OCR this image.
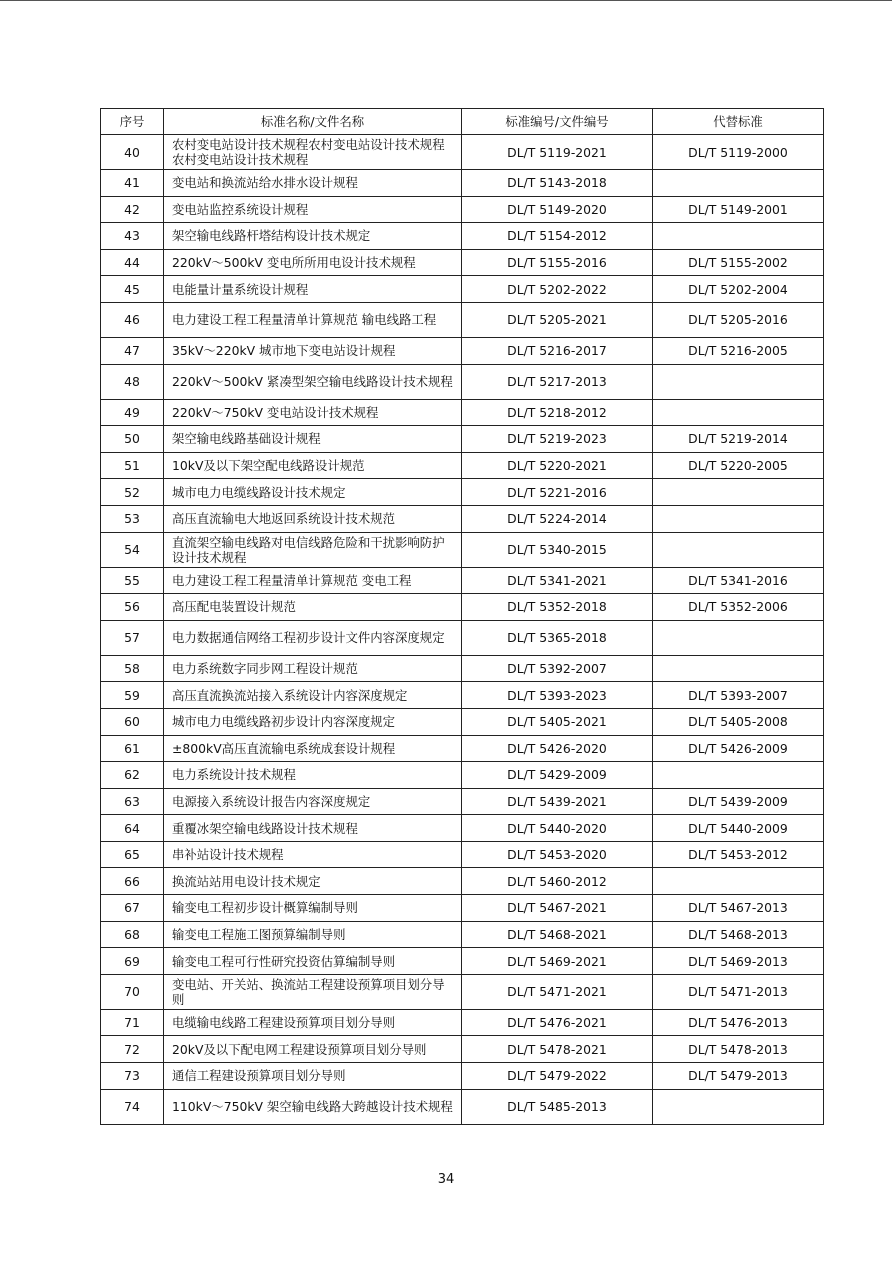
序号	标准名称/文件名称	标准编号/文件编号	代替标准
40	农村变电站设计技术规程农村变电站设计技术规程农村变电站设计技术规程	DL/T 5119-2021	DL/T 5119-2000
41	变电站和换流站给水排水设计规程	DL/T 5143-2018	
42	变电站监控系统设计规程	DL/T 5149-2020	DL/T 5149-2001
43	架空输电线路杆塔结构设计技术规定	DL/T 5154-2012	
44	220kV～500kV 变电所所用电设计技术规程	DL/T 5155-2016	DL/T 5155-2002
45	电能量计量系统设计规程	DL/T 5202-2022	DL/T 5202-2004
46	电力建设工程工程量清单计算规范 输电线路工程	DL/T 5205-2021	DL/T 5205-2016
47	35kV～220kV 城市地下变电站设计规程	DL/T 5216-2017	DL/T 5216-2005
48	220kV～500kV 紧凑型架空输电线路设计技术规程	DL/T 5217-2013	
49	220kV～750kV 变电站设计技术规程	DL/T 5218-2012	
50	架空输电线路基础设计规程	DL/T 5219-2023	DL/T 5219-2014
51	10kV及以下架空配电线路设计规范	DL/T 5220-2021	DL/T 5220-2005
52	城市电力电缆线路设计技术规定	DL/T 5221-2016	
53	高压直流输电大地返回系统设计技术规范	DL/T 5224-2014	
54	直流架空输电线路对电信线路危险和干扰影响防护设计技术规程	DL/T 5340-2015	
55	电力建设工程工程量清单计算规范 变电工程	DL/T 5341-2021	DL/T 5341-2016
56	高压配电装置设计规范	DL/T 5352-2018	DL/T 5352-2006
57	电力数据通信网络工程初步设计文件内容深度规定	DL/T 5365-2018	
58	电力系统数字同步网工程设计规范	DL/T 5392-2007	
59	高压直流换流站接入系统设计内容深度规定	DL/T 5393-2023	DL/T 5393-2007
60	城市电力电缆线路初步设计内容深度规定	DL/T 5405-2021	DL/T 5405-2008
61	±800kV高压直流输电系统成套设计规程	DL/T 5426-2020	DL/T 5426-2009
62	电力系统设计技术规程	DL/T 5429-2009	
63	电源接入系统设计报告内容深度规定	DL/T 5439-2021	DL/T 5439-2009
64	重覆冰架空输电线路设计技术规程	DL/T 5440-2020	DL/T 5440-2009
65	串补站设计技术规程	DL/T 5453-2020	DL/T 5453-2012
66	换流站站用电设计技术规定	DL/T 5460-2012	
67	输变电工程初步设计概算编制导则	DL/T 5467-2021	DL/T 5467-2013
68	输变电工程施工图预算编制导则	DL/T 5468-2021	DL/T 5468-2013
69	输变电工程可行性研究投资估算编制导则	DL/T 5469-2021	DL/T 5469-2013
70	变电站、开关站、换流站工程建设预算项目划分导则	DL/T 5471-2021	DL/T 5471-2013
71	电缆输电线路工程建设预算项目划分导则	DL/T 5476-2021	DL/T 5476-2013
72	20kV及以下配电网工程建设预算项目划分导则	DL/T 5478-2021	DL/T 5478-2013
73	通信工程建设预算项目划分导则	DL/T 5479-2022	DL/T 5479-2013
74	110kV～750kV 架空输电线路大跨越设计技术规程	DL/T 5485-2013	
34
